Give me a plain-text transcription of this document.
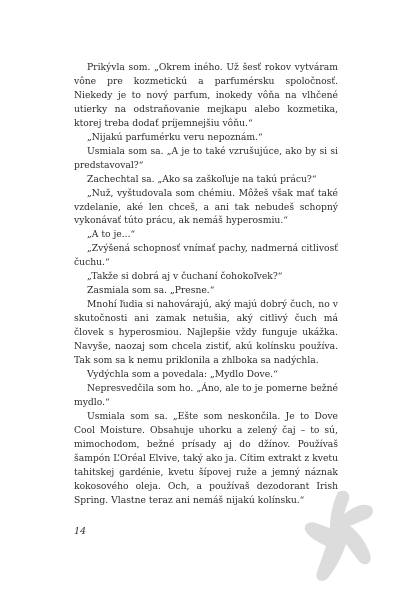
Prikývla som. „Okrem iného. Už šesť rokov vytváram vône pre kozmetickú a parfumérsku spoločnosť. Niekedy je to nový parfum, inokedy vôňa na vlhčené utierky na odstraňovanie mejkapu alebo kozmetika, ktorej treba dodať príjemnejšiu vôňu.“

„Nijakú parfumérku veru nepoznám.“

Usmiala som sa. „A je to také vzrušujúce, ako by si si predstavoval?“

Zachechtal sa. „Ako sa zaškoľuje na takú prácu?“

„Nuž, vyštudovala som chémiu. Môžeš však mať také vzdelanie, aké len chceš, a ani tak nebudeš schopný vykonávať túto prácu, ak nemáš hyperosmiu.“

„A to je...“

„Zvýšená schopnosť vnímať pachy, nadmerná citlivosť čuchu.“

„Takže si dobrá aj v čuchaní čohokoľvek?“

Zasmiala som sa. „Presne.“

Mnohí ľudia si nahovárajú, aký majú dobrý čuch, no v skutočnosti ani zamak netušia, aký citlivý čuch má človek s hyperosmiou. Najlepšie vždy funguje ukážka. Navyše, naozaj som chcela zistiť, akú kolínsku používa. Tak som sa k nemu priklonila a zhlboka sa nadýchla.

Vydýchla som a povedala: „Mydlo Dove.“

Nepresvedčila som ho. „Áno, ale to je pomerne bežné mydlo.“

Usmiala som sa. „Ešte som neskončila. Je to Dove Cool Moisture. Obsahuje uhorku a zelený čaj – to sú, mimochodom, bežné prísady aj do džínov. Používaš šampón L’Oréal Elvive, taký ako ja. Cítim extrakt z kvetu tahitskej gardénie, kvetu šípovej ruže a jemný náznak kokosového oleja. Och, a používaš dezodorant Irish Spring. Vlastne teraz ani nemáš nijakú kolínsku.“

14
